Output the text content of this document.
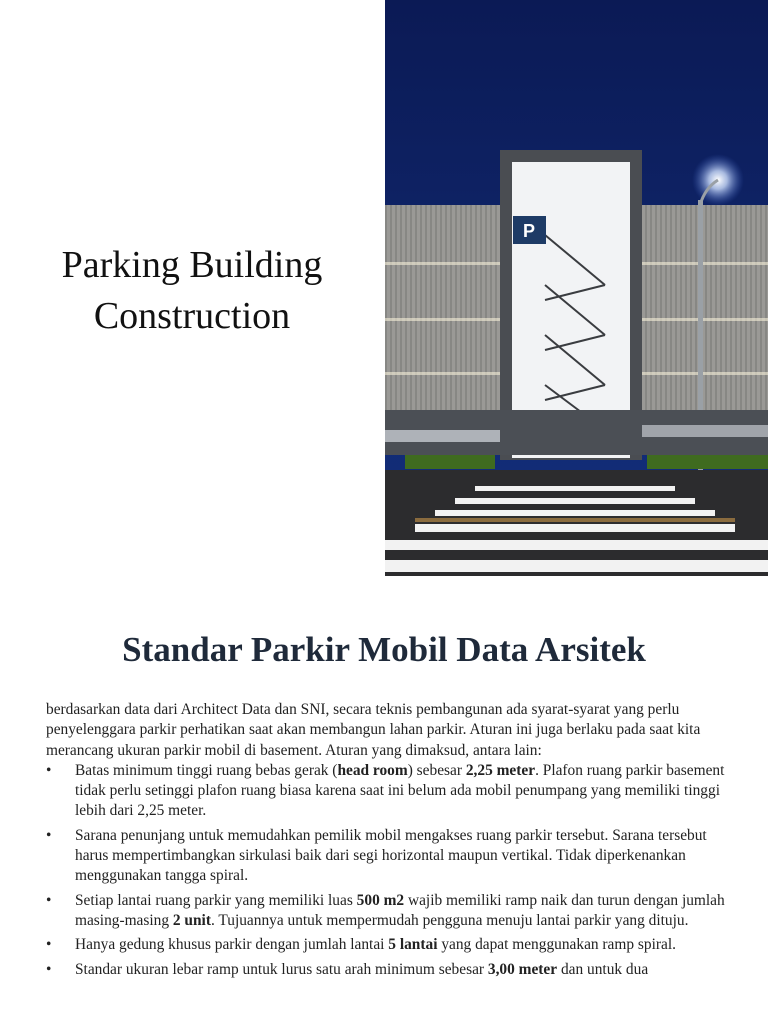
Parking Building
Construction
P
Standar Parkir Mobil Data Arsitek

berdasarkan data dari Architect Data dan SNI, secara teknis pembangunan ada syarat-syarat yang perlu penyelenggara parkir perhatikan saat akan membangun lahan parkir. Aturan ini juga berlaku pada saat kita merancang ukuran parkir mobil di basement. Aturan yang dimaksud, antara lain:

• Batas minimum tinggi ruang bebas gerak (head room) sebesar 2,25 meter. Plafon ruang parkir basement tidak perlu setinggi plafon ruang biasa karena saat ini belum ada mobil penumpang yang memiliki tinggi lebih dari 2,25 meter.
• Sarana penunjang untuk memudahkan pemilik mobil mengakses ruang parkir tersebut. Sarana tersebut harus mempertimbangkan sirkulasi baik dari segi horizontal maupun vertikal. Tidak diperkenankan menggunakan tangga spiral.
• Setiap lantai ruang parkir yang memiliki luas 500 m2 wajib memiliki ramp naik dan turun dengan jumlah masing-masing 2 unit. Tujuannya untuk mempermudah pengguna menuju lantai parkir yang dituju.
• Hanya gedung khusus parkir dengan jumlah lantai 5 lantai yang dapat menggunakan ramp spiral.
• Standar ukuran lebar ramp untuk lurus satu arah minimum sebesar 3,00 meter dan untuk dua
